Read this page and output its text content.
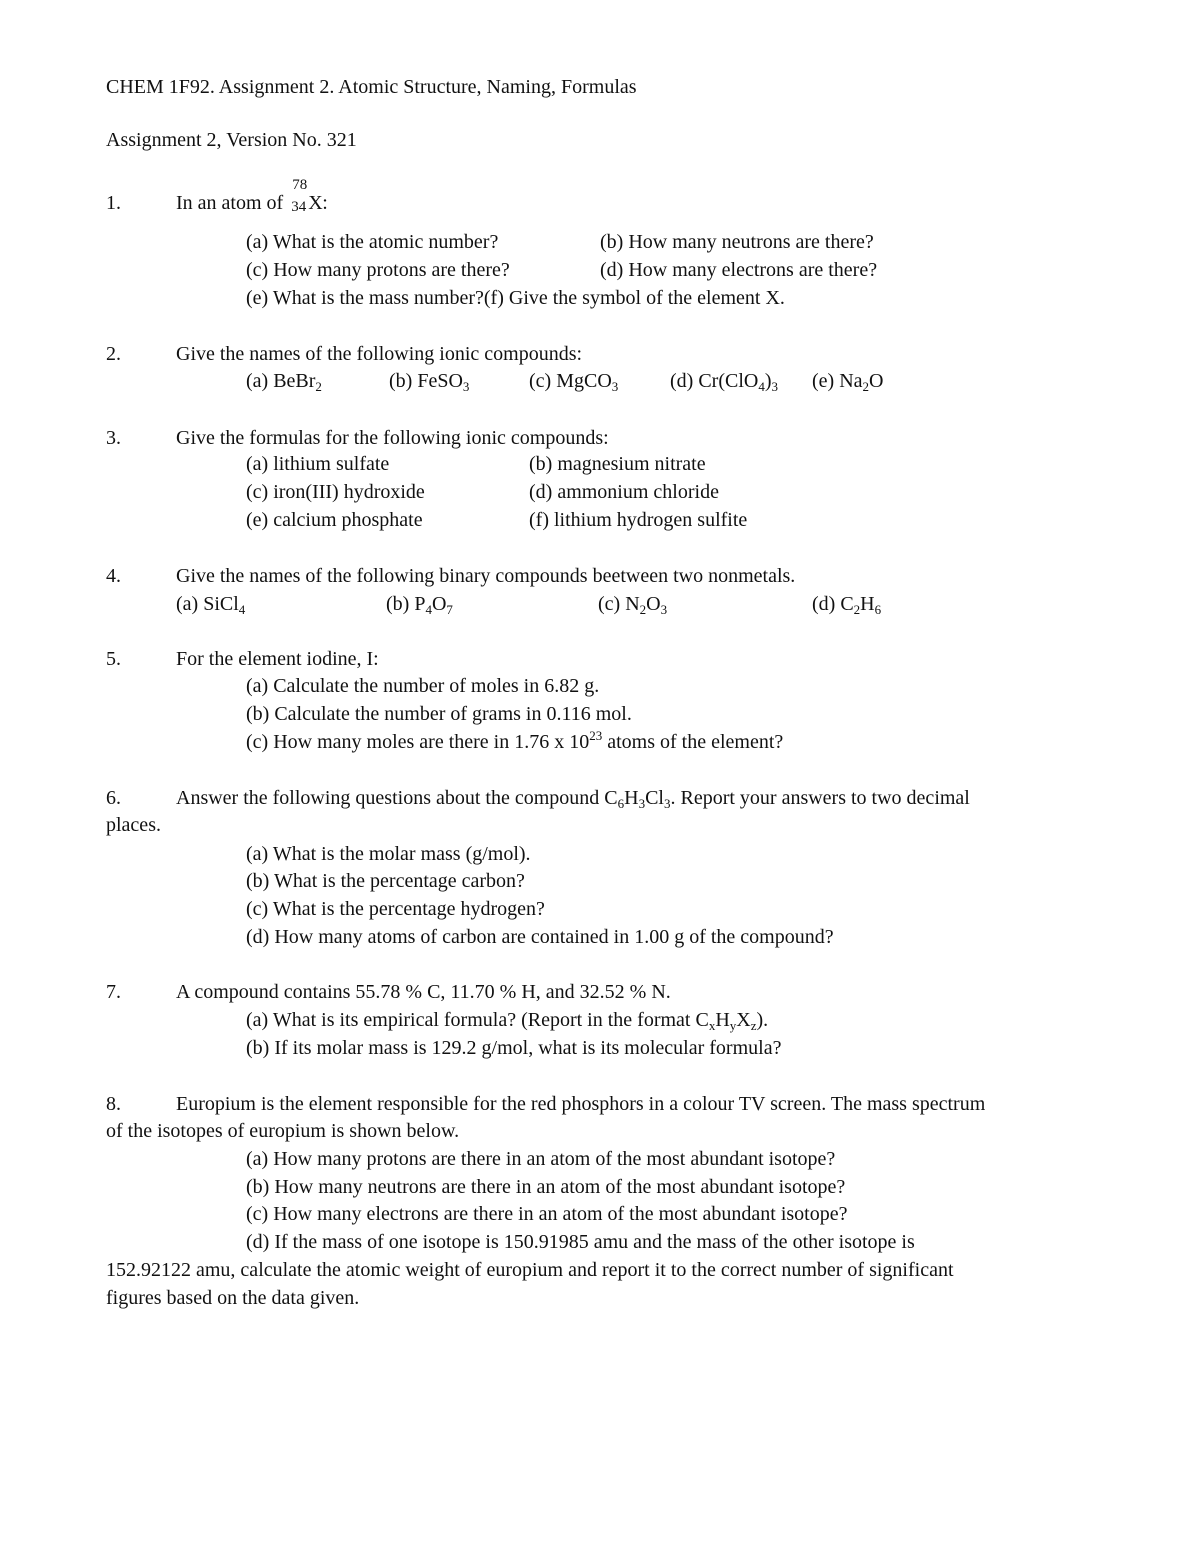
CHEM 1F92. Assignment 2. Atomic Structure, Naming, Formulas
Assignment 2, Version No. 321
1.	In an atom of
78
34 X :
(a) What is the atomic number?	(b) How many neutrons are there?
(c) How many protons are there?	(d) How many electrons are there?
(e) What is the mass number?(f) Give the symbol of the element X.
2.	Give the names of the following ionic compounds:
(a) BeBr$_2$	(b) FeSO$_3$	(c) MgCO$_3$	(d) $Cr(ClO_4)_3$ (e) $Na_2O$
3.	Give the formulas for the following ionic compounds:
(a) lithium sulfate	(b) magnesium nitrate
(c) iron(III) hydroxide	(d) ammonium chloride
(e) calcium phosphate	(f) lithium hydrogen sulfite
4.	Give the names of the following binary compounds beetween two nonmetals.
(a) SiCl$_4$	(b) $P_4O_7$	(c) $N_2O_3$	(d) $C_2H_6$
5.	For the element iodine, I:
(a) Calculate the number of moles in 6.82 g.
(b) Calculate the number of grams in 0.116 mol.
(c) How many moles are there in 1.76 x $10^{23}$ atoms of the element?
6.	Answer the following questions about the compound $C_6H_3Cl_3$. Report your answers to two decimal
places.
(a) What is the molar mass (g/mol).
(b) What is the percentage carbon?
(c) What is the percentage hydrogen?
(d) How many atoms of carbon are contained in 1.00 g of the compound?
7.	A compound contains 55.78 % C, 11.70 % H, and 32.52 % N.
(a) What is its empirical formula? (Report in the format $C_xH_yX_z$).
(b) If its molar mass is 129.2 g/mol, what is its molecular formula?
8.	Europium is the element responsible for the red phosphors in a colour TV screen. The mass spectrum
of the isotopes of europium is shown below.
(a) How many protons are there in an atom of the most abundant isotope?
(b) How many neutrons are there in an atom of the most abundant isotope?
(c) How many electrons are there in an atom of the most abundant isotope?
(d) If the mass of one isotope is 150.91985 amu and the mass of the other isotope is
152.92122 amu, calculate the atomic weight of europium and report it to the correct number of significant
figures based on the data given.
